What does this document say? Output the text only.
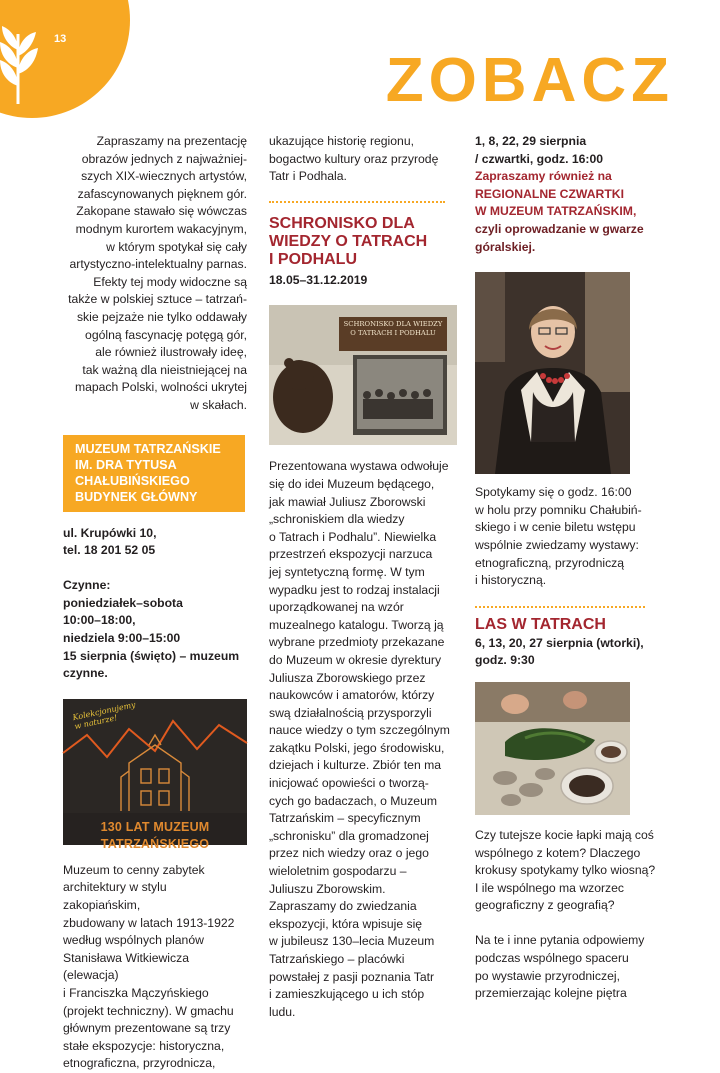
13
ZOBACZ

Zapraszamy na prezentację

obrazów jednych z najważniej-

szych XIX-wiecznych artystów,

zafascynowanych pięknem gór.

Zakopane stawało się wówczas

modnym kurortem wakacyjnym,

w którym spotykał się cały

artystyczno-intelektualny parnas.

Efekty tej mody widoczne są

także w polskiej sztuce – tatrzań-

skie pejzaże nie tylko oddawały

ogólną fascynację potęgą gór,

ale również ilustrowały ideę,

tak ważną dla nieistniejącej na

mapach Polski, wolności ukrytej

w skałach.

MUZEUM TATRZAŃSKIE

IM. DRA TYTUSA

CHAŁUBIŃSKIEGO

BUDYNEK GŁÓWNY

ul. Krupówki 10,

tel. 18 201 52 05

Czynne:

poniedziałek–sobota

10:00–18:00,

niedziela 9:00–15:00

15 sierpnia (święto) – muzeum

czynne.

Kolekcjonujemy w naturze!
130 LAT MUZEUM TATRZAŃSKIEGO

Muzeum to cenny zabytek

architektury w stylu zakopiańskim,

zbudowany w latach 1913-1922

według wspólnych planów

Stanisława Witkiewicza (elewacja)

i Franciszka Mączyńskiego

(projekt techniczny). W gmachu

głównym prezentowane są trzy

stałe ekspozycje: historyczna,

etnograficzna, przyrodnicza,

ukazujące historię regionu,

bogactwo kultury oraz przyrodę

Tatr i Podhala.

SCHRONISKO DLA

WIEDZY O TATRACH

I PODHALU

18.05–31.12.2019

SCHRONISKO DLA WIEDZY

O TATRACH I PODHALU

Prezentowana wystawa odwołuje

się do idei Muzeum będącego,

jak mawiał Juliusz Zborowski

„schroniskiem dla wiedzy

o Tatrach i Podhalu”. Niewielka

przestrzeń ekspozycji narzuca

jej syntetyczną formę. W tym

wypadku jest to rodzaj instalacji

uporządkowanej na wzór

muzealnego katalogu. Tworzą ją

wybrane przedmioty przekazane

do Muzeum w okresie dyrektury

Juliusza Zborowskiego przez

naukowców i amatorów, którzy

swą działalnością przysporzyli

nauce wiedzy o tym szczególnym

zakątku Polski, jego środowisku,

dziejach i kulturze. Zbiór ten ma

inicjować opowieści o tworzą-

cych go badaczach, o Muzeum

Tatrzańskim – specyficznym

„schronisku” dla gromadzonej

przez nich wiedzy oraz o jego

wieloletnim gospodarzu –

Juliuszu Zborowskim.

Zapraszamy do zwiedzania

ekspozycji, która wpisuje się

w jubileusz 130–lecia Muzeum

Tatrzańskiego – placówki

powstałej z pasji poznania Tatr

i zamieszkującego u ich stóp

ludu.

1, 8, 22, 29 sierpnia

/ czwartki, godz. 16:00

Zapraszamy również na

REGIONALNE CZWARTKI

W MUZEUM TATRZAŃSKIM,

czyli oprowadzanie w gwarze

góralskiej.

Spotykamy się o godz. 16:00

w holu przy pomniku Chałubiń-

skiego i w cenie biletu wstępu

wspólnie zwiedzamy wystawy:

etnograficzną, przyrodniczą

i historyczną.

LAS W TATRACH

6, 13, 20, 27 sierpnia (wtorki),

godz. 9:30

Czy tutejsze kocie łapki mają coś

wspólnego z kotem? Dlaczego

krokusy spotykamy tylko wiosną?

I ile wspólnego ma wzorzec

geograficzny z geografią?

Na te i inne pytania odpowiemy

podczas wspólnego spaceru

po wystawie przyrodniczej,

przemierzając kolejne piętra
